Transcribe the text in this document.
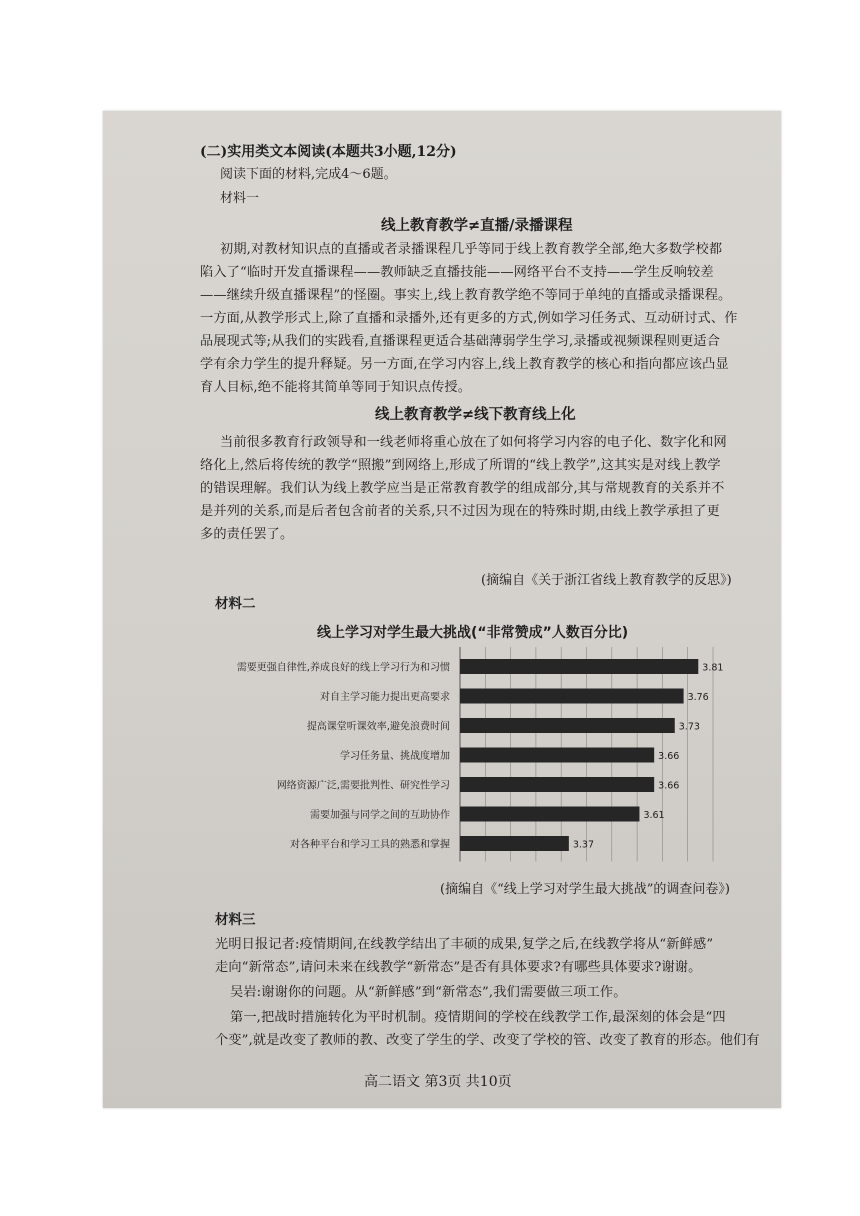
(二)实用类文本阅读(本题共3小题,12分)
阅读下面的材料,完成4～6题。
材料一
线上教育教学≠直播/录播课程
初期,对教材知识点的直播或者录播课程几乎等同于线上教育教学全部,绝大多数学校都
陷入了“临时开发直播课程——教师缺乏直播技能——网络平台不支持——学生反响较差
——继续升级直播课程”的怪圈。事实上,线上教育教学绝不等同于单纯的直播或录播课程。
一方面,从教学形式上,除了直播和录播外,还有更多的方式,例如学习任务式、互动研讨式、作
品展现式等;从我们的实践看,直播课程更适合基础薄弱学生学习,录播或视频课程则更适合
学有余力学生的提升释疑。另一方面,在学习内容上,线上教育教学的核心和指向都应该凸显
育人目标,绝不能将其简单等同于知识点传授。
线上教育教学≠线下教育线上化
当前很多教育行政领导和一线老师将重心放在了如何将学习内容的电子化、数字化和网
络化上,然后将传统的教学“照搬”到网络上,形成了所谓的“线上教学”,这其实是对线上教学
的错误理解。我们认为线上教学应当是正常教育教学的组成部分,其与常规教育的关系并不
是并列的关系,而是后者包含前者的关系,只不过因为现在的特殊时期,由线上教学承担了更
多的责任罢了。
(摘编自《关于浙江省线上教育教学的反思》)
材料二
线上学习对学生最大挑战(“非常赞成”人数百分比)
需要更强自律性,养成良好的线上学习行为和习惯	3.81
对自主学习能力提出更高要求	3.76
提高课堂听课效率,避免浪费时间	3.73
学习任务量、挑战度增加	3.66
网络资源广泛,需要批判性、研究性学习	3.66
需要加强与同学之间的互助协作	3.61
对各种平台和学习工具的熟悉和掌握	3.37
(摘编自《“线上学习对学生最大挑战”的调查问卷》)
材料三
光明日报记者:疫情期间,在线教学结出了丰硕的成果,复学之后,在线教学将从“新鲜感”
走向“新常态”,请问未来在线教学“新常态”是否有具体要求?有哪些具体要求?谢谢。
吴岩:谢谢你的问题。从“新鲜感”到“新常态”,我们需要做三项工作。
第一,把战时措施转化为平时机制。疫情期间的学校在线教学工作,最深刻的体会是“四
个变”,就是改变了教师的教、改变了学生的学、改变了学校的管、改变了教育的形态。他们有
高二语文 第3页 共10页
